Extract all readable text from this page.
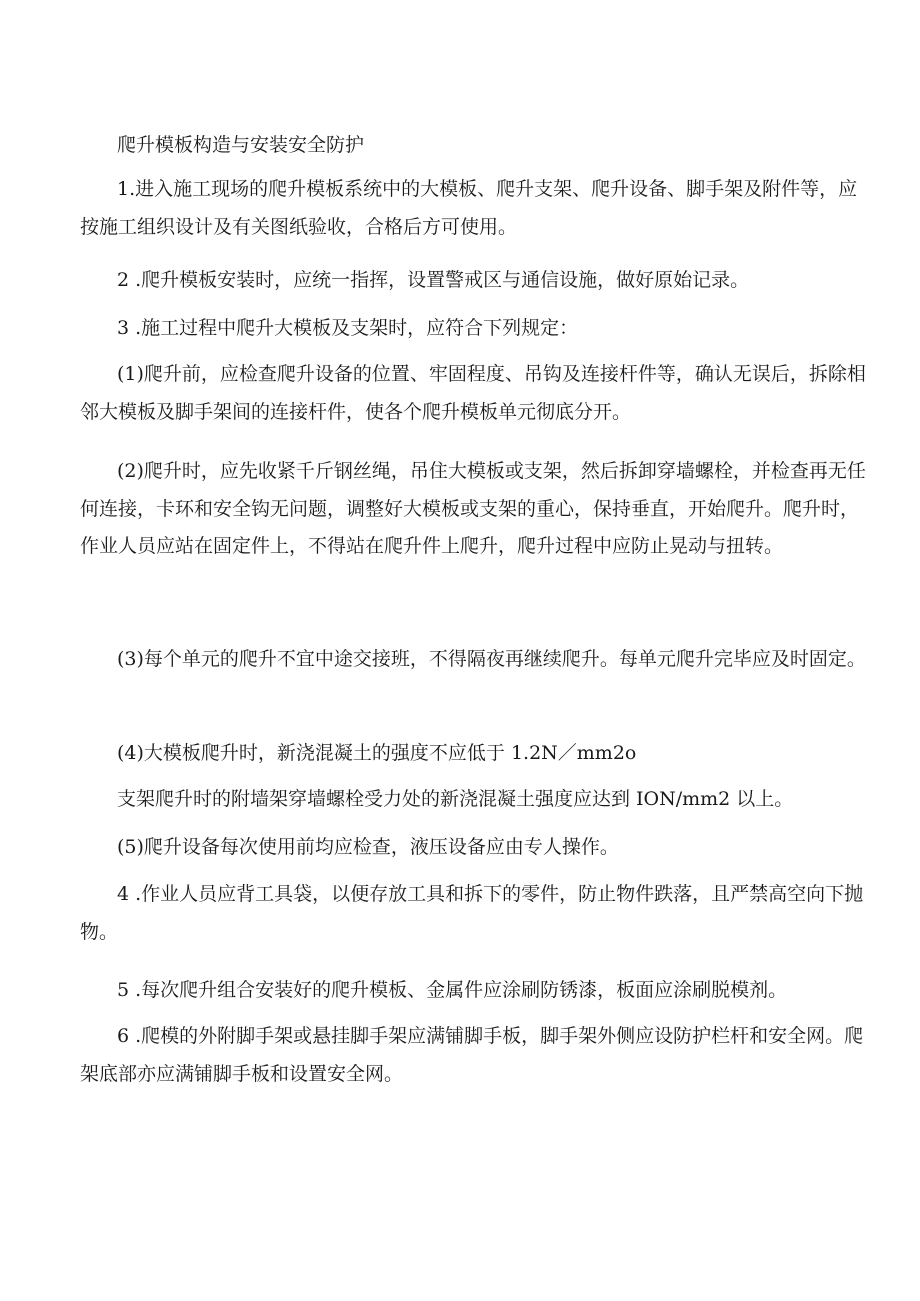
爬升模板构造与安装安全防护

1.进入施工现场的爬升模板系统中的大模板、爬升支架、爬升设备、脚手架及附件等，应按施工组织设计及有关图纸验收，合格后方可使用。

2 .爬升模板安装时，应统一指挥，设置警戒区与通信设施，做好原始记录。

3 .施工过程中爬升大模板及支架时，应符合下列规定：

(1)爬升前，应检查爬升设备的位置、牢固程度、吊钩及连接杆件等，确认无误后，拆除相邻大模板及脚手架间的连接杆件，使各个爬升模板单元彻底分开。

(2)爬升时，应先收紧千斤钢丝绳，吊住大模板或支架，然后拆卸穿墙螺栓，并检查再无任何连接，卡环和安全钩无问题，调整好大模板或支架的重心，保持垂直，开始爬升。爬升时，作业人员应站在固定件上，不得站在爬升件上爬升，爬升过程中应防止晃动与扭转。

(3)每个单元的爬升不宜中途交接班，不得隔夜再继续爬升。每单元爬升完毕应及时固定。

(4)大模板爬升时，新浇混凝土的强度不应低于 1.2N／mm2o

支架爬升时的附墙架穿墙螺栓受力处的新浇混凝土强度应达到 ION/mm2 以上。

(5)爬升设备每次使用前均应检查，液压设备应由专人操作。

4 .作业人员应背工具袋，以便存放工具和拆下的零件，防止物件跌落，且严禁高空向下抛物。

5 .每次爬升组合安装好的爬升模板、金属件应涂刷防锈漆，板面应涂刷脱模剂。

6 .爬模的外附脚手架或悬挂脚手架应满铺脚手板，脚手架外侧应设防护栏杆和安全网。爬架底部亦应满铺脚手板和设置安全网。
